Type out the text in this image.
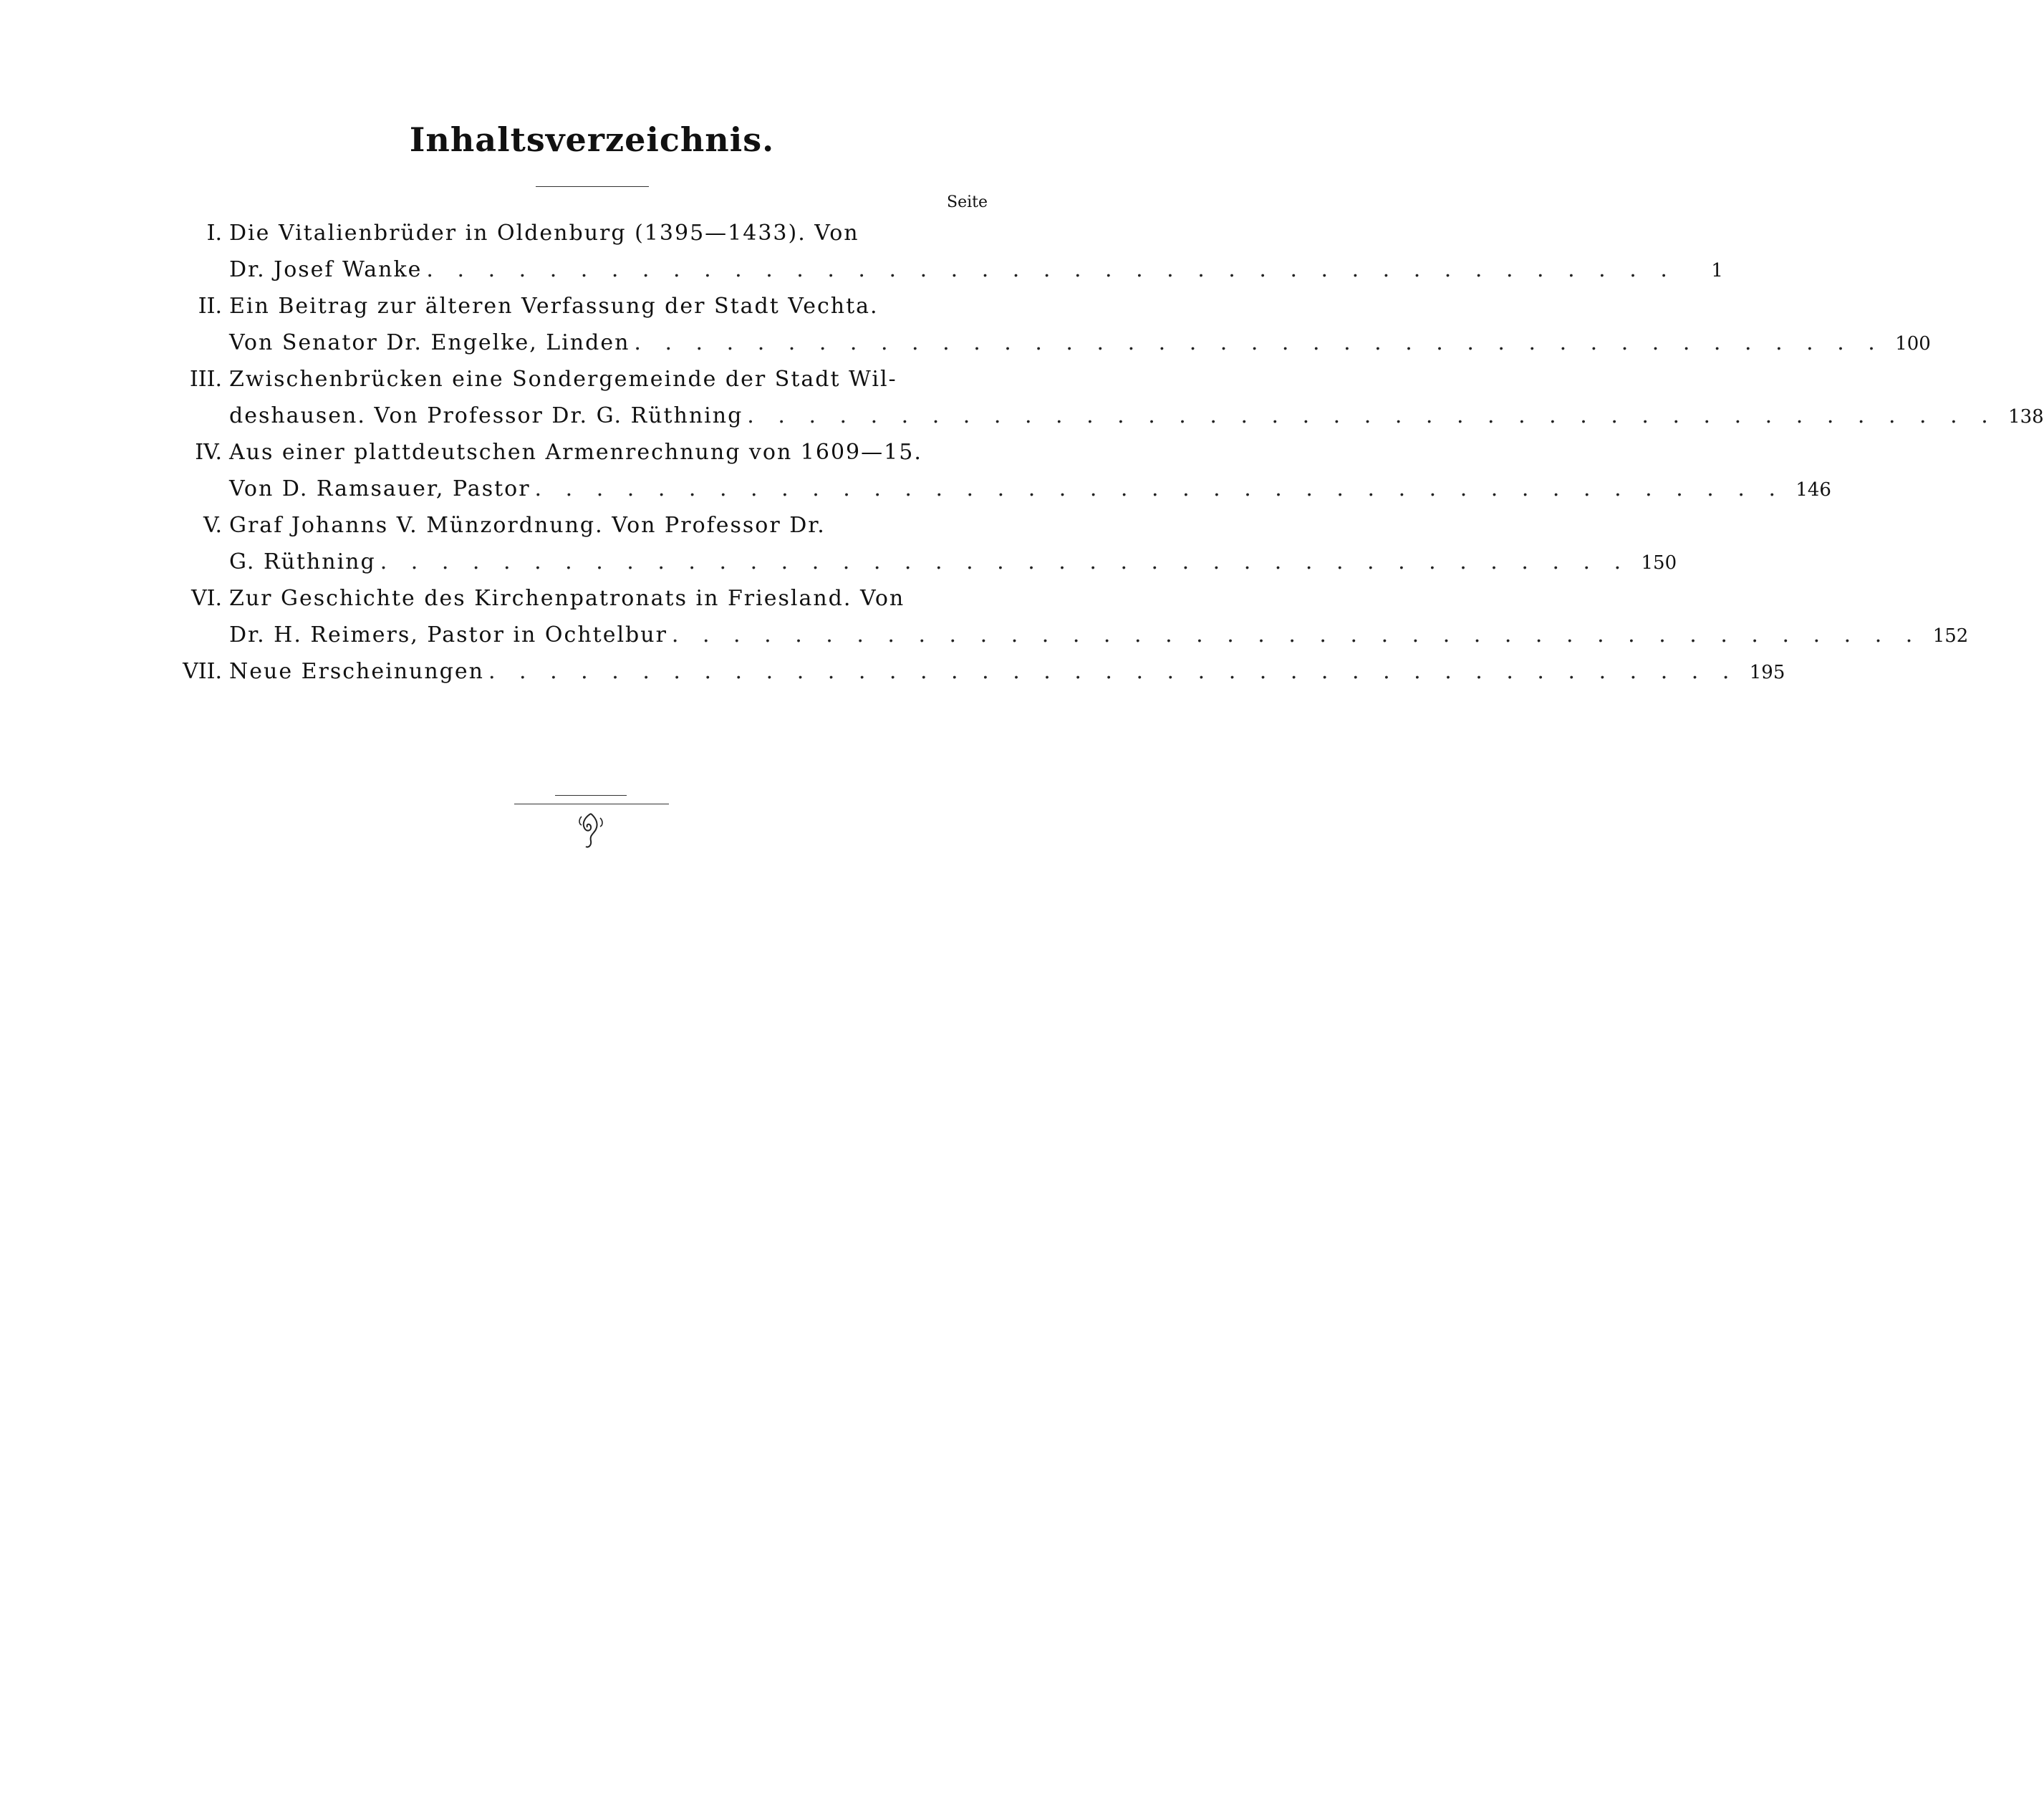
Inhaltsverzeichnis.
Seite
I. Die Vitalienbrüder in Oldenburg (1395—1433). Von
Dr. Josef Wanke . . . . . . . . . . . . . . . . . . . . . . . . . . . . . . . . . . . . . . . . .	1
II. Ein Beitrag zur älteren Verfassung der Stadt Vechta.
Von Senator Dr. Engelke, Linden . . . . . . . . . . . . . . . . . . . . . . . . . . . . . . . . . . . . . . . . . 100
III. Zwischenbrücken eine Sondergemeinde der Stadt Wil-
deshausen. Von Professor Dr. G. Rüthning . . . . . . . . . . . . . . . . . . . . . . . . . . . . . . . . . . . . . . . . . 138
IV. Aus einer plattdeutschen Armenrechnung von 1609—15.
Von D. Ramsauer, Pastor . . . . . . . . . . . . . . . . . . . . . . . . . . . . . . . . . . . . . . . . . 146
V. Graf Johanns V. Münzordnung. Von Professor Dr.
G. Rüthning . . . . . . . . . . . . . . . . . . . . . . . . . . . . . . . . . . . . . . . . . 150
VI. Zur Geschichte des Kirchenpatronats in Friesland. Von
Dr. H. Reimers, Pastor in Ochtelbur . . . . . . . . . . . . . . . . . . . . . . . . . . . . . . . . . . . . . . . . . 152
VII. Neue Erscheinungen . . . . . . . . . . . . . . . . . . . . . . . . . . . . . . . . . . . . . . . . . 195
